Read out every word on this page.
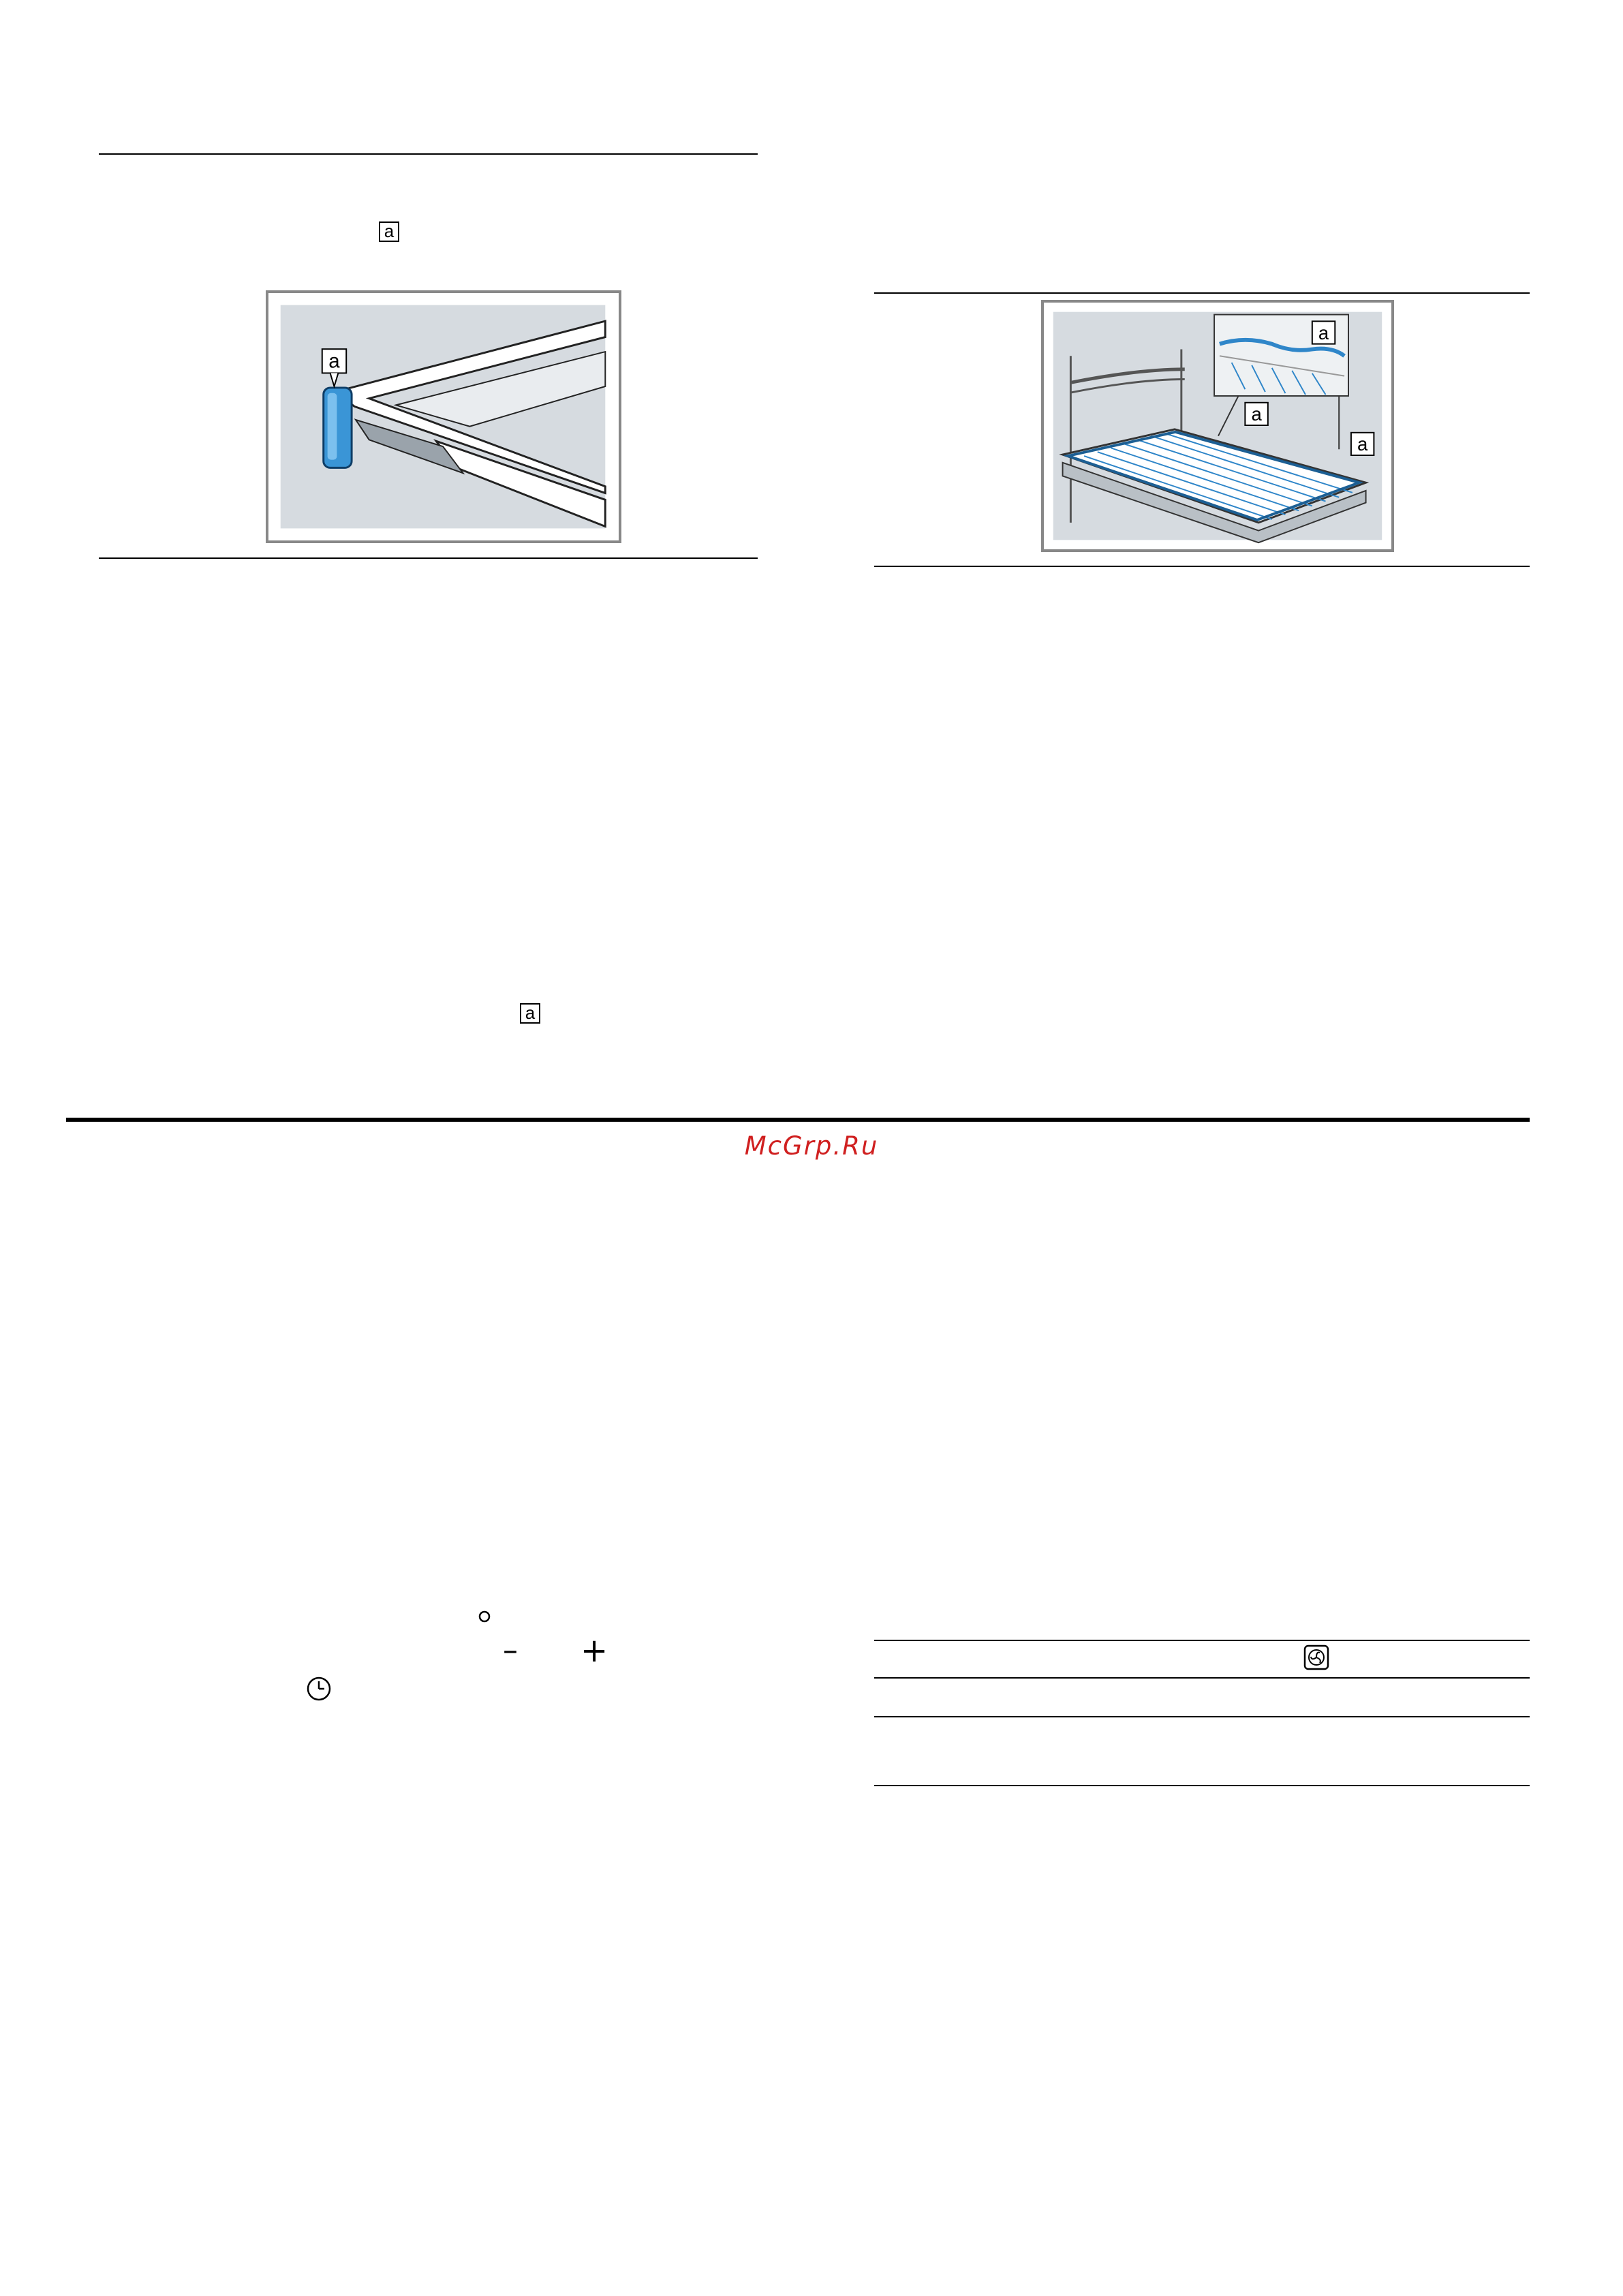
a
a
a
a
a
a
McGrp.Ru
– +
